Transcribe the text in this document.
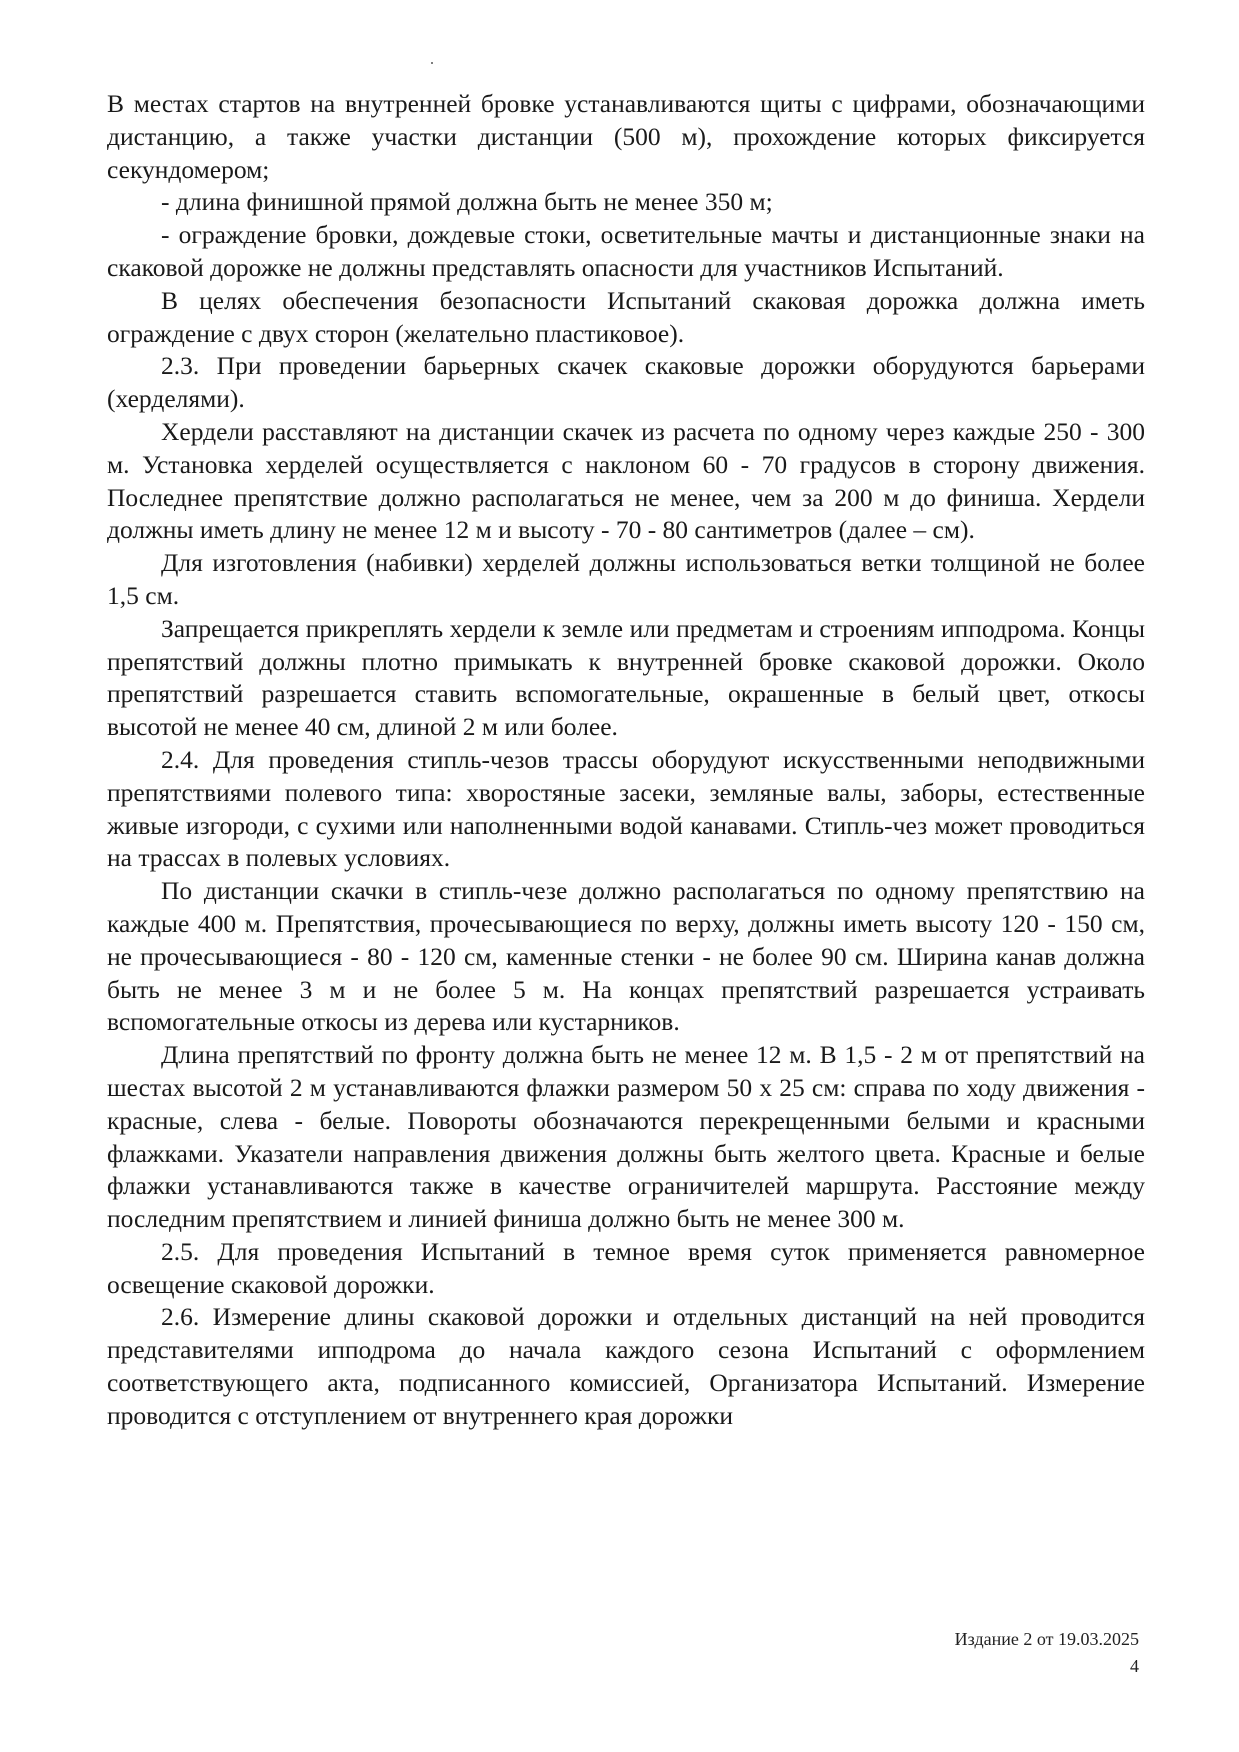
В местах стартов на внутренней бровке устанавливаются щиты с цифрами, обозначающими дистанцию, а также участки дистанции (500 м), прохождение которых фиксируется секундомером;

- длина финишной прямой должна быть не менее 350 м;

- ограждение бровки, дождевые стоки, осветительные мачты и дистанционные знаки на скаковой дорожке не должны представлять опасности для участников Испытаний.

В целях обеспечения безопасности Испытаний скаковая дорожка должна иметь ограждение с двух сторон (желательно пластиковое).

2.3. При проведении барьерных скачек скаковые дорожки оборудуются барьерами (херделями).

Хердели расставляют на дистанции скачек из расчета по одному через каждые 250 - 300 м. Установка херделей осуществляется с наклоном 60 - 70 градусов в сторону движения. Последнее препятствие должно располагаться не менее, чем за 200 м до финиша. Хердели должны иметь длину не менее 12 м и высоту - 70 - 80 сантиметров (далее – см).

Для изготовления (набивки) херделей должны использоваться ветки толщиной не более 1,5 см.

Запрещается прикреплять хердели к земле или предметам и строениям ипподрома. Концы препятствий должны плотно примыкать к внутренней бровке скаковой дорожки. Около препятствий разрешается ставить вспомогательные, окрашенные в белый цвет, откосы высотой не менее 40 см, длиной 2 м или более.

2.4. Для проведения стипль-чезов трассы оборудуют искусственными неподвижными препятствиями полевого типа: хворостяные засеки, земляные валы, заборы, естественные живые изгороди, с сухими или наполненными водой канавами. Стипль-чез может проводиться на трассах в полевых условиях.

По дистанции скачки в стипль-чезе должно располагаться по одному препятствию на каждые 400 м. Препятствия, прочесывающиеся по верху, должны иметь высоту 120 - 150 см, не прочесывающиеся - 80 - 120 см, каменные стенки - не более 90 см. Ширина канав должна быть не менее 3 м и не более 5 м. На концах препятствий разрешается устраивать вспомогательные откосы из дерева или кустарников.

Длина препятствий по фронту должна быть не менее 12 м. В 1,5 - 2 м от препятствий на шестах высотой 2 м устанавливаются флажки размером 50 х 25 см: справа по ходу движения - красные, слева - белые. Повороты обозначаются перекрещенными белыми и красными флажками. Указатели направления движения должны быть желтого цвета. Красные и белые флажки устанавливаются также в качестве ограничителей маршрута. Расстояние между последним препятствием и линией финиша должно быть не менее 300 м.

2.5. Для проведения Испытаний в темное время суток применяется равномерное освещение скаковой дорожки.

2.6. Измерение длины скаковой дорожки и отдельных дистанций на ней проводится представителями ипподрома до начала каждого сезона Испытаний с оформлением соответствующего акта, подписанного комиссией, Организатора Испытаний. Измерение проводится с отступлением от внутреннего края дорожки

Издание 2 от 19.03.2025
4
